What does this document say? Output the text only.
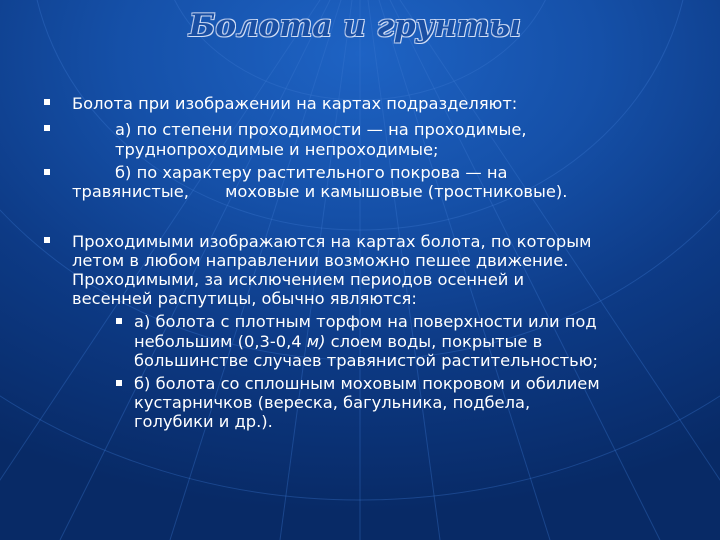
Болота и грунты

Болота при изображении на картах подразделяют:

а) по степени проходимости — на проходимые,

труднопроходимые и непроходимые;

б) по характеру растительного покрова — на

травянистые,       моховые и камышовые (тростниковые).

Проходимыми изображаются на картах болота, по которым

летом в любом направлении возможно пешее движение.

Проходимыми, за исключением периодов осенней и

весенней распутицы, обычно являются:

а) болота с плотным торфом на поверхности или под

небольшим (0,3-0,4 м) слоем воды, покрытые в

большинстве случаев травянистой растительностью;

б) болота со сплошным моховым покровом и обилием

кустарничков (вереска, багульника, подбела,

голубики и др.).
